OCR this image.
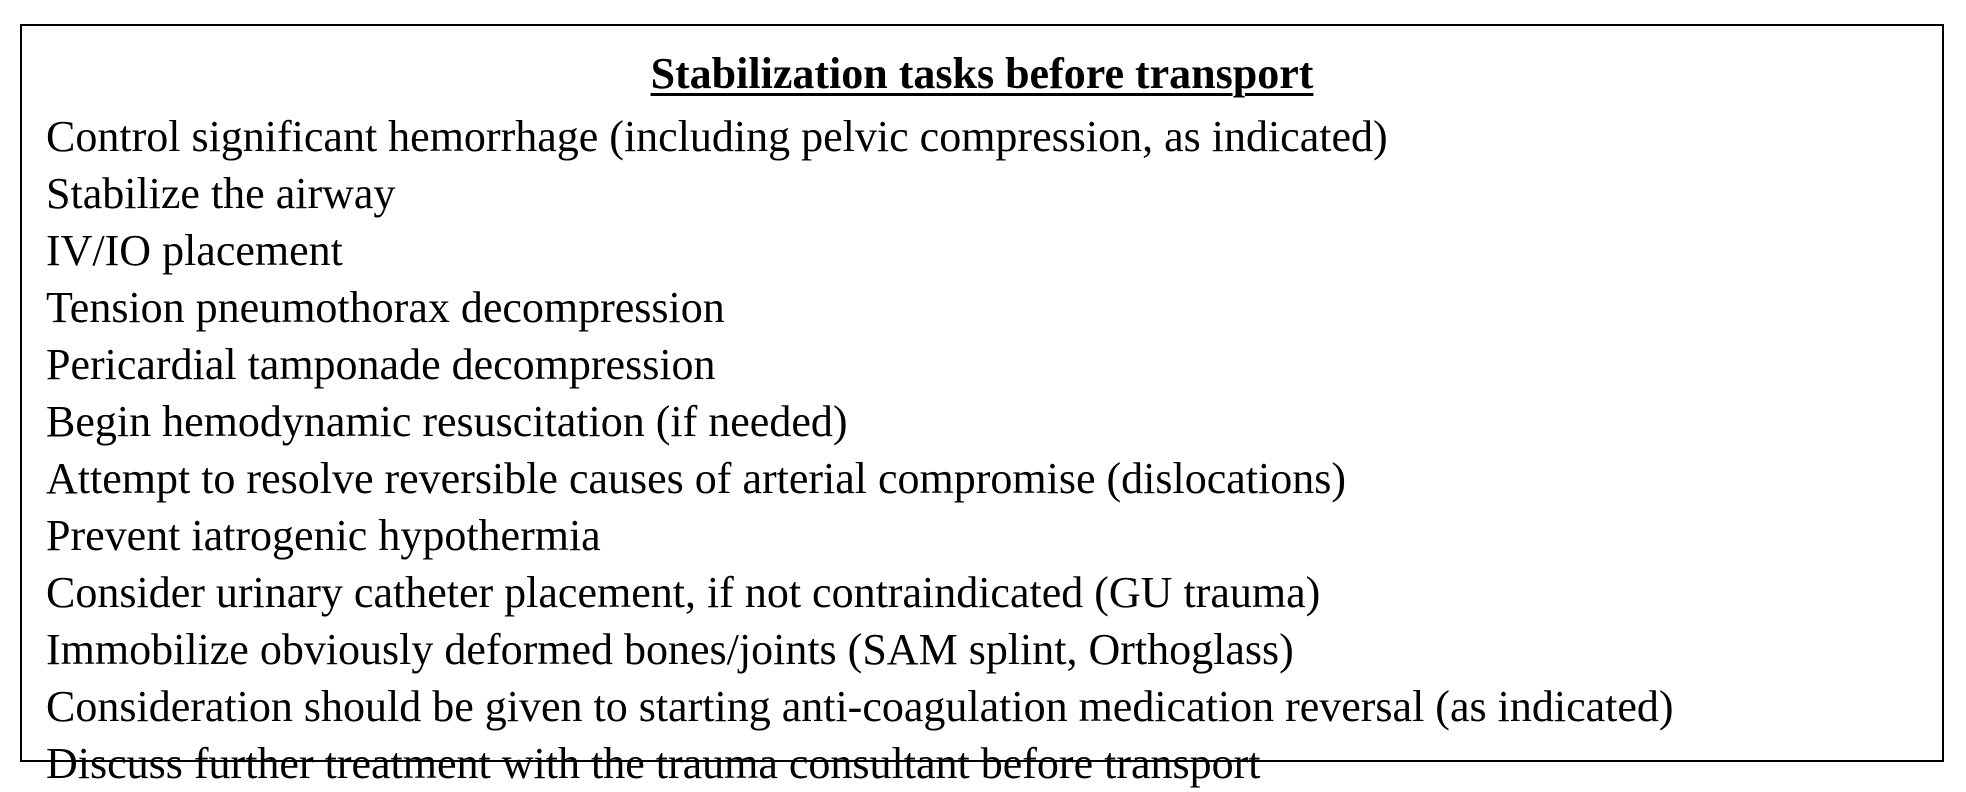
Stabilization tasks before transport
Control significant hemorrhage (including pelvic compression, as indicated)
Stabilize the airway
IV/IO placement
Tension pneumothorax decompression
Pericardial tamponade decompression
Begin hemodynamic resuscitation (if needed)
Attempt to resolve reversible causes of arterial compromise (dislocations)
Prevent iatrogenic hypothermia
Consider urinary catheter placement, if not contraindicated (GU trauma)
Immobilize obviously deformed bones/joints (SAM splint, Orthoglass)
Consideration should be given to starting anti-coagulation medication reversal (as indicated)
Discuss further treatment with the trauma consultant before transport
